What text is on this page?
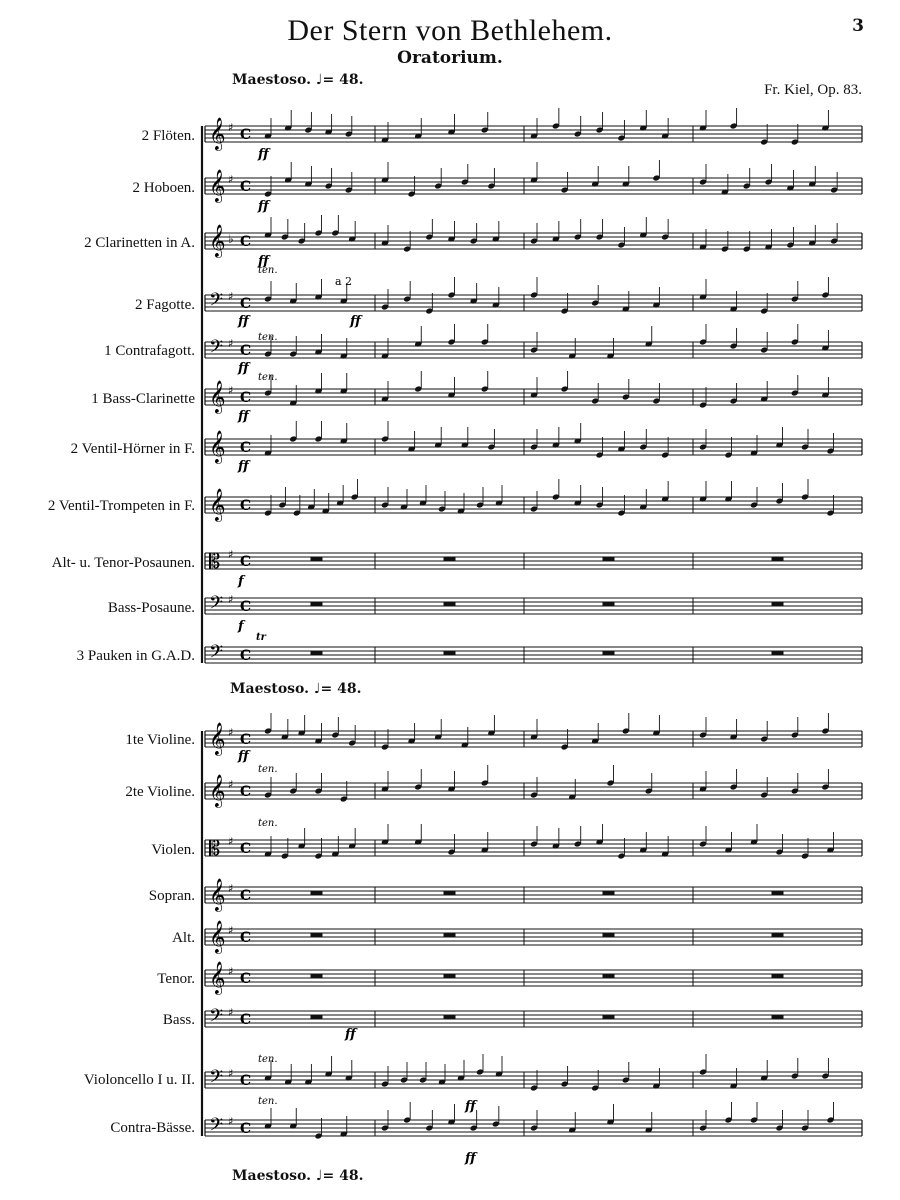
Der Stern von Bethlehem.
Oratorium.
3
Fr. Kiel, Op. 83.
Maestoso. ♩= 48.
Maestoso. ♩= 48.
Maestoso. ♩= 48.
2 Flöten.
2 Hoboen.
2 Clarinetten in A.
2 Fagotte.
1 Contrafagott.
1 Bass-Clarinette
2 Ventil-Hörner in F.
2 Ventil-Trompeten in F.
Alt- u. Tenor-Posaunen.
Bass-Posaune.
3 Pauken in G.A.D.
1te Violine.
2te Violine.
Violen.
Sopran.
Alt.
Tenor.
Bass.
Violoncello I u. II.
Contra-Bässe.
𝄞 ♯ C
𝄞 ♯ C
𝄞 ♭ C
𝄢 ♯ C
𝄢 ♯ C
𝄞 ♯ C
𝄞 C
𝄞 C
𝄡 ♯ C
𝄢 ♯ C
𝄢 C
𝄞 ♯ C
𝄞 ♯ C
𝄡 ♯ C
𝄞 ♯ C
𝄞 ♯ C
𝄞 ♯ C
𝄢 ♯ C
𝄢 ♯ C
𝄢 ♯ C
ff
ff
ff
ff	ff
ff
ff
ff
f
f
ff
ff
ff
ff
a 2
ten.
ten.
ten.
ten.
ten.
ten.
ten.
tr
